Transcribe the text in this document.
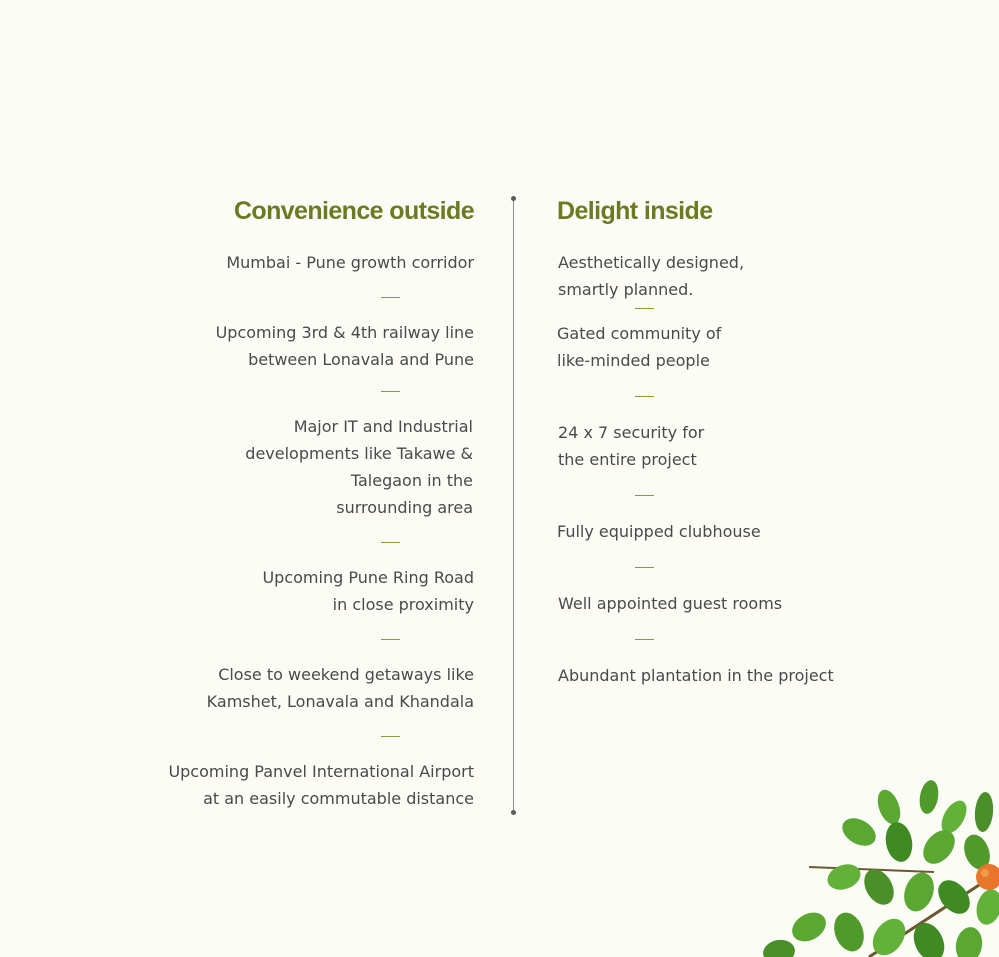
Convenience outside
Mumbai - Pune growth corridor
Upcoming 3rd & 4th railway line
between Lonavala and Pune
Major IT and Industrial
developments like Takawe &
Talegaon in the
surrounding area
Upcoming Pune Ring Road
in close proximity
Close to weekend getaways like
Kamshet, Lonavala and Khandala
Upcoming Panvel International Airport
at an easily commutable distance
Delight inside
Aesthetically designed,
smartly planned.
Gated community of
like-minded people
24 x 7 security for
the entire project
Fully equipped clubhouse
Well appointed guest rooms
Abundant plantation in the project
